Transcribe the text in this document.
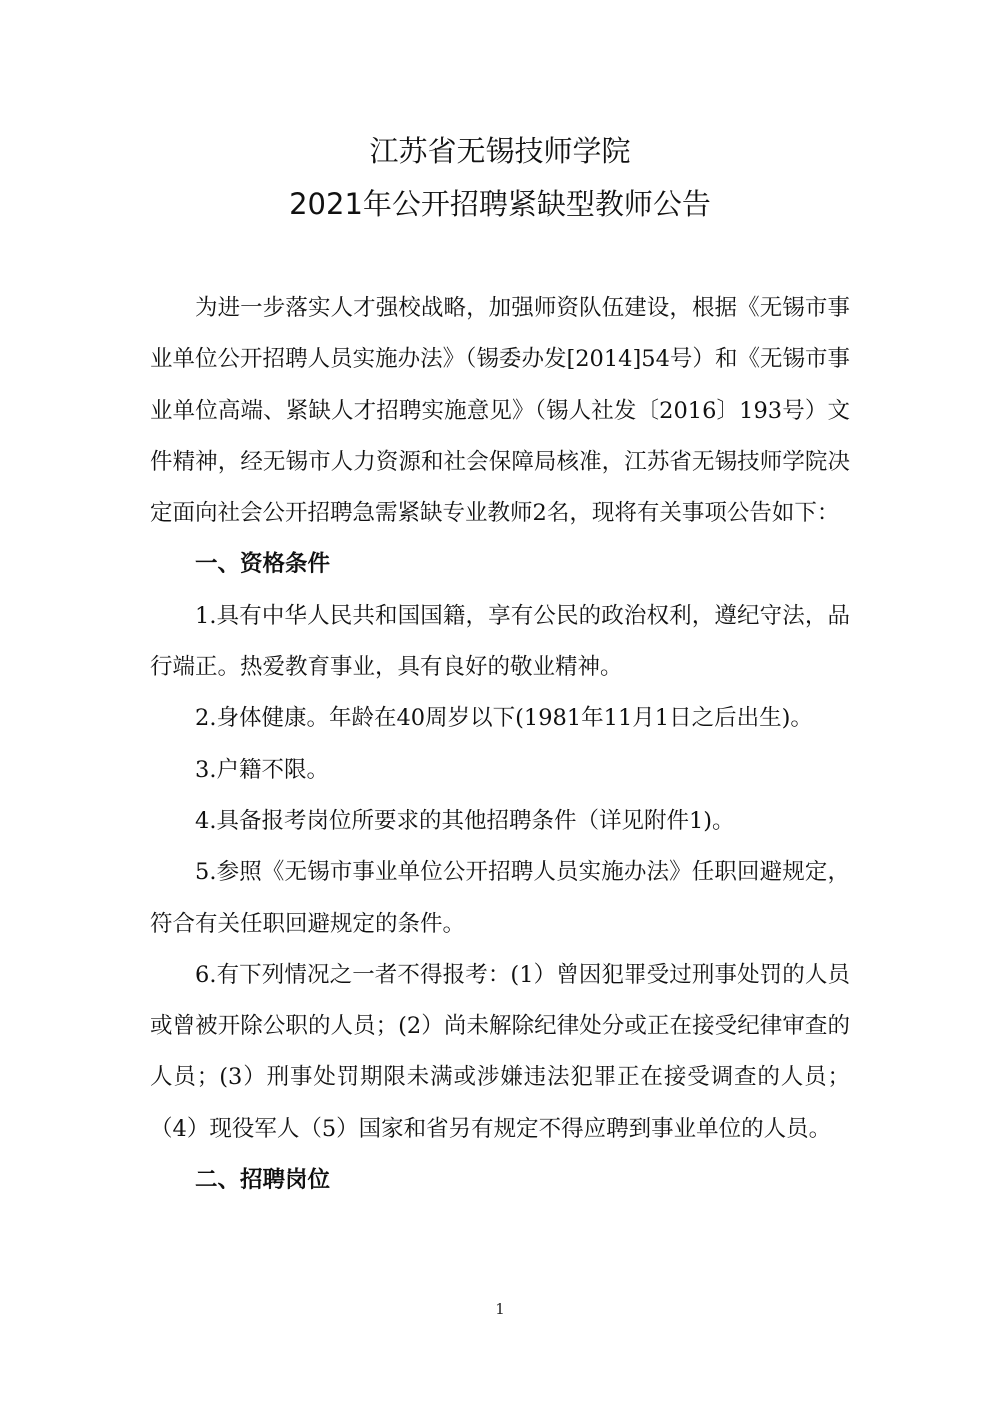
江苏省无锡技师学院
2021年公开招聘紧缺型教师公告

为进一步落实人才强校战略，加强师资队伍建设，根据《无锡市事业单位公开招聘人员实施办法》（锡委办发[2014]54号）和《无锡市事业单位高端、紧缺人才招聘实施意见》（锡人社发〔2016〕193号）文件精神，经无锡市人力资源和社会保障局核准，江苏省无锡技师学院决定面向社会公开招聘急需紧缺专业教师2名，现将有关事项公告如下：

一、资格条件

1.具有中华人民共和国国籍，享有公民的政治权利，遵纪守法，品行端正。热爱教育事业，具有良好的敬业精神。

2.身体健康。年龄在40周岁以下(1981年11月1日之后出生)。

3.户籍不限。

4.具备报考岗位所要求的其他招聘条件（详见附件1)。

5.参照《无锡市事业单位公开招聘人员实施办法》任职回避规定，符合有关任职回避规定的条件。

6.有下列情况之一者不得报考：(1）曾因犯罪受过刑事处罚的人员或曾被开除公职的人员；(2）尚未解除纪律处分或正在接受纪律审查的人员；(3）刑事处罚期限未满或涉嫌违法犯罪正在接受调查的人员；（4）现役军人（5）国家和省另有规定不得应聘到事业单位的人员。

二、招聘岗位

1
